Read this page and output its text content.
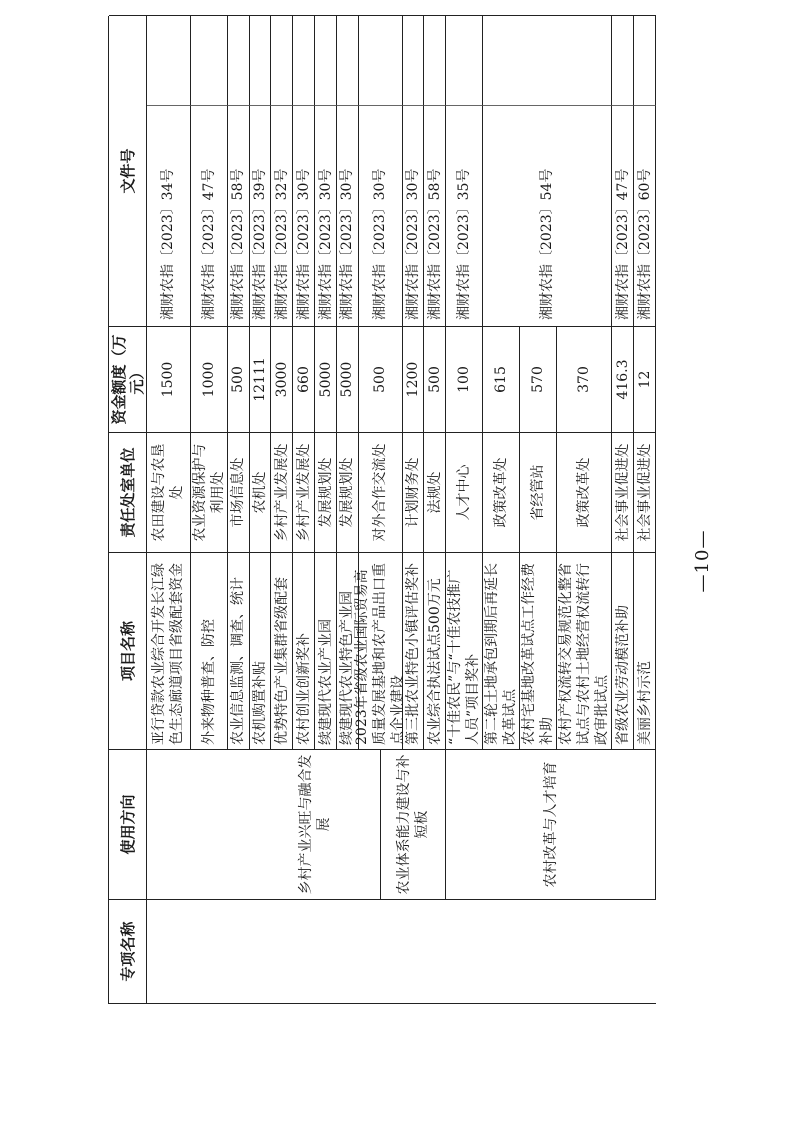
专项名称
使用方向
项目名称
责任处室单位
资金额度（万元）
文件号
乡村产业兴旺与融合发展	农业体系能力建设与补短板	农村改革与人才培育
亚行贷款农业综合开发长江绿色生态廊道项目省级配套资金
农田建设与农垦处
1500
湘财农指〔2023〕34号
外来物种普查、防控
农业资源保护与利用处
1000
湘财农指〔2023〕47号
农业信息监测、调查、统计
市场信息处
500
湘财农指〔2023〕58号
农机购置补贴
农机处
12111
湘财农指〔2023〕39号
优势特色产业集群省级配套
乡村产业发展处
3000
湘财农指〔2023〕32号
农村创业创新奖补
乡村产业发展处
660
湘财农指〔2023〕30号
续建现代农业产业园
发展规划处
5000
湘财农指〔2023〕30号
续建现代农业特色产业园
发展规划处
5000
湘财农指〔2023〕30号
2023年省级农业国际贸易高质量发展基地和农产品出口重点企业建设
对外合作交流处
500
湘财农指〔2023〕30号
第三批农业特色小镇评估奖补
计划财务处
1200
湘财农指〔2023〕30号
农业综合执法试点500万元
法规处
500
湘财农指〔2023〕58号
“十佳农民”与“十佳农技推广人员”项目奖补
人才中心
100
湘财农指〔2023〕35号
第二轮土地承包到期后再延长改革试点
政策改革处
615
农村宅基地改革试点工作经费补助
省经管站
570
农村产权流转交易规范化整省试点与农村土地经营权流转行政审批试点
政策改革处
370
湘财农指〔2023〕54号
省级农业劳动模范补助
社会事业促进处
416.3
湘财农指〔2023〕47号
美丽乡村示范
社会事业促进处
12
湘财农指〔2023〕60号
—10—
